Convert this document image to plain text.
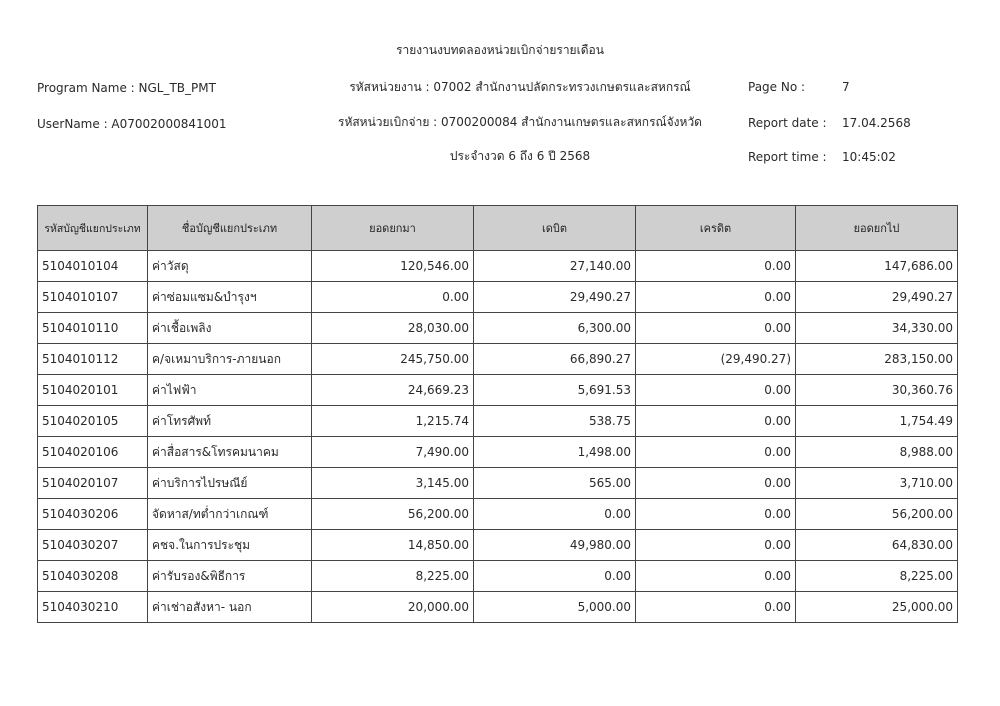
รายงานงบทดลองหน่วยเบิกจ่ายรายเดือน
Program Name : NGL_TB_PMT	รหัสหน่วยงาน : 07002 สำนักงานปลัดกระทรวงเกษตรและสหกรณ์	Page No :	7
UserName : A07002000841001	รหัสหน่วยเบิกจ่าย : 0700200084 สำนักงานเกษตรและสหกรณ์จังหวัด	Report date : 17.04.2568
ประจำงวด 6 ถึง 6 ปี 2568	Report time : 10:45:02
รหัสบัญชีแยกประเภท	ชื่อบัญชีแยกประเภท	ยอดยกมา	เดบิต	เครดิต	ยอดยกไป
5104010104	ค่าวัสดุ	120,546.00	27,140.00	0.00	147,686.00
5104010107	ค่าซ่อมแซม&บำรุงฯ	0.00	29,490.27	0.00	29,490.27
5104010110	ค่าเชื้อเพลิง	28,030.00	6,300.00	0.00	34,330.00
5104010112	ค/จเหมาบริการ-ภายนอก	245,750.00	66,890.27	(29,490.27)	283,150.00
5104020101	ค่าไฟฟ้า	24,669.23	5,691.53	0.00	30,360.76
5104020105	ค่าโทรศัพท์	1,215.74	538.75	0.00	1,754.49
5104020106	ค่าสื่อสาร&โทรคมนาคม	7,490.00	1,498.00	0.00	8,988.00
5104020107	ค่าบริการไปรษณีย์	3,145.00	565.00	0.00	3,710.00
5104030206	จัดหาส/ทต่ำกว่าเกณฑ์	56,200.00	0.00	0.00	56,200.00
5104030207	คชจ.ในการประชุม	14,850.00	49,980.00	0.00	64,830.00
5104030208	ค่ารับรอง&พิธีการ	8,225.00	0.00	0.00	8,225.00
5104030210	ค่าเช่าอสังหา- นอก	20,000.00	5,000.00	0.00	25,000.00
